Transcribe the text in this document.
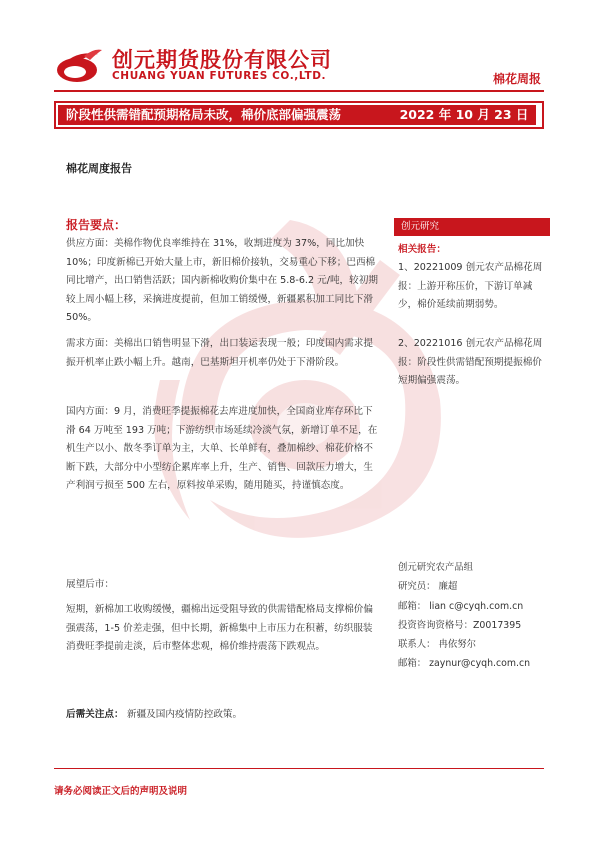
创元期货股份有限公司
CHUANG YUAN FUTURES CO.,LTD.	棉花周报
阶段性供需错配预期格局未改，棉价底部偏强震荡	2022 年 10 月 23 日
棉花周度报告
报告要点：
供应方面：美棉作物优良率维持在 31%，收割进度为 37%，同比加快 10%；印度新棉已开始大量上市，新旧棉价接轨，交易重心下移；巴西棉同比增产，出口销售活跃；国内新棉收购价集中在 5.8-6.2 元/吨，较初期较上周小幅上移，采摘进度提前，但加工销缓慢，新疆累积加工同比下滑 50%。
需求方面：美棉出口销售明显下滑，出口装运表现一般；印度国内需求提振开机率止跌小幅上升。越南，巴基斯坦开机率仍处于下滑阶段。
国内方面：9 月，消费旺季提振棉花去库进度加快，全国商业库存环比下滑 64 万吨至 193 万吨；下游纺织市场延续冷淡气氛，新增订单不足，在机生产以小、散冬季订单为主，大单、长单鲜有，叠加棉纱、棉花价格不断下跌，大部分中小型纺企累库率上升，生产、销售、回款压力增大，生产利润亏损至 500 左右，原料按单采购，随用随买，持谨慎态度。
展望后市：
短期，新棉加工收购缓慢，疆棉出远受阻导致的供需错配格局支撑棉价偏强震荡，1-5 价差走强，但中长期，新棉集中上市压力在积蓄，纺织服装消费旺季提前走淡，后市整体悲观，棉价维持震荡下跌观点。
后需关注点： 新疆及国内疫情防控政策。
创元研究
相关报告：
1、20221009 创元农产品棉花周报：上游开称压价，下游订单减少，棉价延续前期弱势。
2、20221016 创元农产品棉花周报：阶段性供需错配预期提振棉价短期偏强震荡。
创元研究农产品组
研究员： 廉超
邮箱： lian c@cyqh.com.cn
投资咨询资格号：Z0017395
联系人： 冉依努尔
邮箱： zaynur@cyqh.com.cn
请务必阅读正文后的声明及说明
